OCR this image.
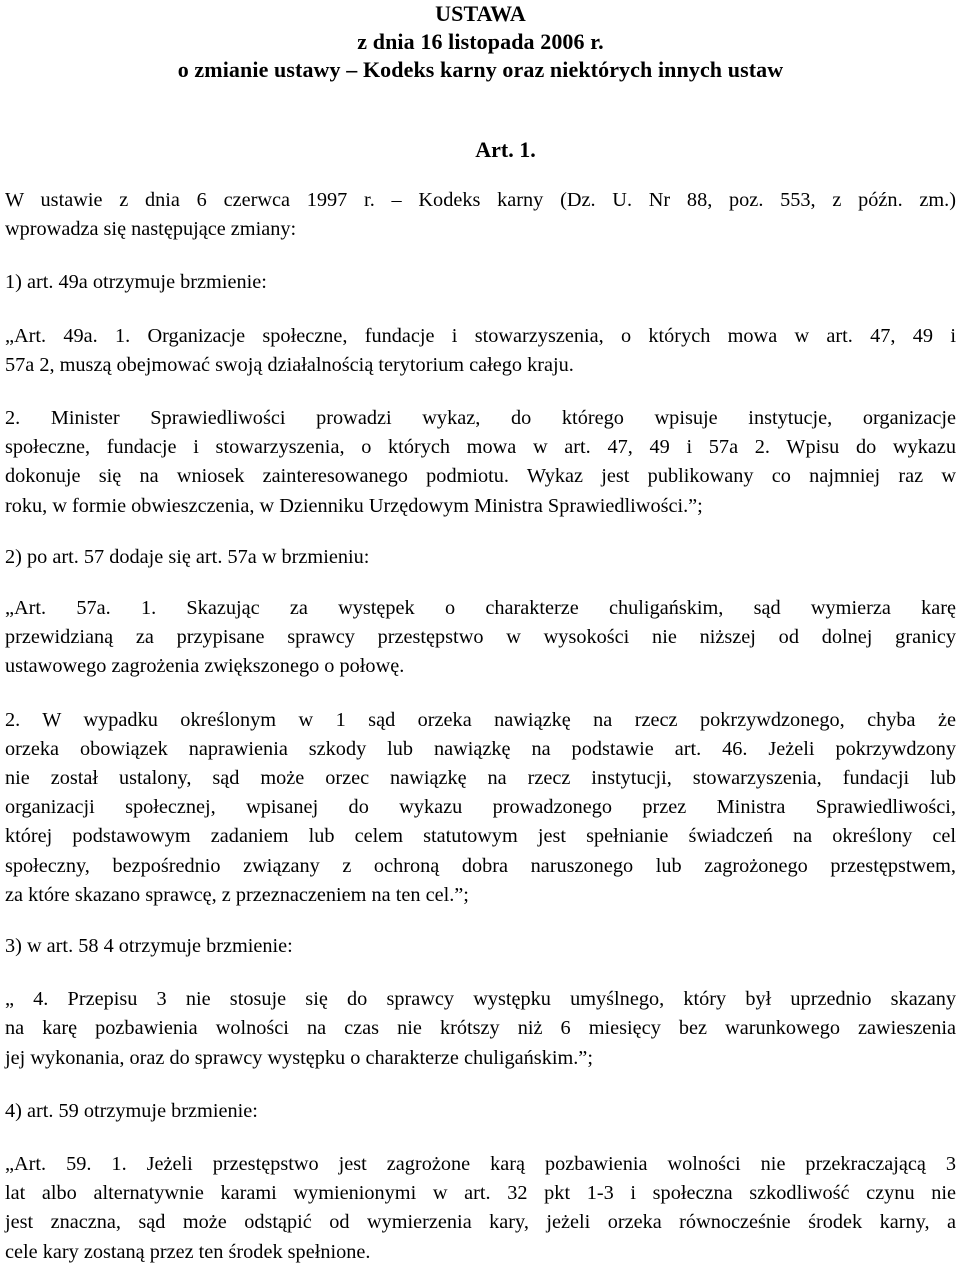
USTAWA
z dnia 16 listopada 2006 r.
o zmianie ustawy – Kodeks karny oraz niektórych innych ustaw
Art. 1.
W ustawie z dnia 6 czerwca 1997 r. – Kodeks karny (Dz. U. Nr 88, poz. 553, z późn. zm.)
wprowadza się następujące zmiany:
1) art. 49a otrzymuje brzmienie:
„Art. 49a. 1. Organizacje społeczne, fundacje i stowarzyszenia, o których mowa w art. 47, 49 i
57a 2, muszą obejmować swoją działalnością terytorium całego kraju.
2. Minister Sprawiedliwości prowadzi wykaz, do którego wpisuje instytucje, organizacje
społeczne, fundacje i stowarzyszenia, o których mowa w art. 47, 49 i 57a 2. Wpisu do wykazu
dokonuje się na wniosek zainteresowanego podmiotu. Wykaz jest publikowany co najmniej raz w
roku, w formie obwieszczenia, w Dzienniku Urzędowym Ministra Sprawiedliwości.”;
2) po art. 57 dodaje się art. 57a w brzmieniu:
„Art. 57a. 1. Skazując za występek o charakterze chuligańskim, sąd wymierza karę
przewidzianą za przypisane sprawcy przestępstwo w wysokości nie niższej od dolnej granicy
ustawowego zagrożenia zwiększonego o połowę.
2. W wypadku określonym w 1 sąd orzeka nawiązkę na rzecz pokrzywdzonego, chyba że
orzeka obowiązek naprawienia szkody lub nawiązkę na podstawie art. 46. Jeżeli pokrzywdzony
nie został ustalony, sąd może orzec nawiązkę na rzecz instytucji, stowarzyszenia, fundacji lub
organizacji społecznej, wpisanej do wykazu prowadzonego przez Ministra Sprawiedliwości,
której podstawowym zadaniem lub celem statutowym jest spełnianie świadczeń na określony cel
społeczny, bezpośrednio związany z ochroną dobra naruszonego lub zagrożonego przestępstwem,
za które skazano sprawcę, z przeznaczeniem na ten cel.”;
3) w art. 58 4 otrzymuje brzmienie:
„ 4. Przepisu 3 nie stosuje się do sprawcy występku umyślnego, który był uprzednio skazany
na karę pozbawienia wolności na czas nie krótszy niż 6 miesięcy bez warunkowego zawieszenia
jej wykonania, oraz do sprawcy występku o charakterze chuligańskim.”;
4) art. 59 otrzymuje brzmienie:
„Art. 59. 1. Jeżeli przestępstwo jest zagrożone karą pozbawienia wolności nie przekraczającą 3
lat albo alternatywnie karami wymienionymi w art. 32 pkt 1-3 i społeczna szkodliwość czynu nie
jest znaczna, sąd może odstąpić od wymierzenia kary, jeżeli orzeka równocześnie środek karny, a
cele kary zostaną przez ten środek spełnione.
